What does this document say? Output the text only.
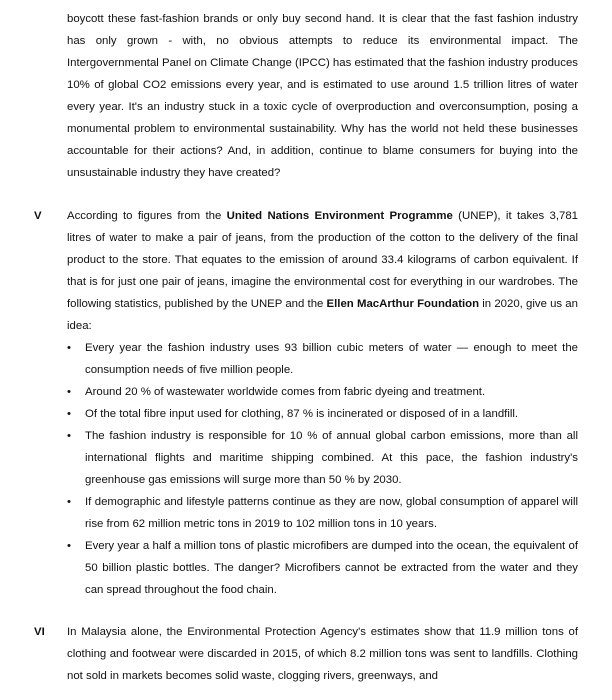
boycott these fast-fashion brands or only buy second hand. It is clear that the fast fashion industry has only grown - with, no obvious attempts to reduce its environmental impact. The Intergovernmental Panel on Climate Change (IPCC) has estimated that the fashion industry produces 10% of global CO2 emissions every year, and is estimated to use around 1.5 trillion litres of water every year. It's an industry stuck in a toxic cycle of overproduction and overconsumption, posing a monumental problem to environmental sustainability. Why has the world not held these businesses accountable for their actions? And, in addition, continue to blame consumers for buying into the unsustainable industry they have created?

V According to figures from the United Nations Environment Programme (UNEP), it takes 3,781 litres of water to make a pair of jeans, from the production of the cotton to the delivery of the final product to the store. That equates to the emission of around 33.4 kilograms of carbon equivalent. If that is for just one pair of jeans, imagine the environmental cost for everything in our wardrobes. The following statistics, published by the UNEP and the Ellen MacArthur Foundation in 2020, give us an idea:

• Every year the fashion industry uses 93 billion cubic meters of water — enough to meet the consumption needs of five million people.
• Around 20 % of wastewater worldwide comes from fabric dyeing and treatment.
• Of the total fibre input used for clothing, 87 % is incinerated or disposed of in a landfill.
• The fashion industry is responsible for 10 % of annual global carbon emissions, more than all international flights and maritime shipping combined. At this pace, the fashion industry's greenhouse gas emissions will surge more than 50 % by 2030.
• If demographic and lifestyle patterns continue as they are now, global consumption of apparel will rise from 62 million metric tons in 2019 to 102 million tons in 10 years.
• Every year a half a million tons of plastic microfibers are dumped into the ocean, the equivalent of 50 billion plastic bottles. The danger? Microfibers cannot be extracted from the water and they can spread throughout the food chain.
VI In Malaysia alone, the Environmental Protection Agency's estimates show that 11.9 million tons of clothing and footwear were discarded in 2015, of which 8.2 million tons was sent to landfills. Clothing not sold in markets becomes solid waste, clogging rivers, greenways, and
